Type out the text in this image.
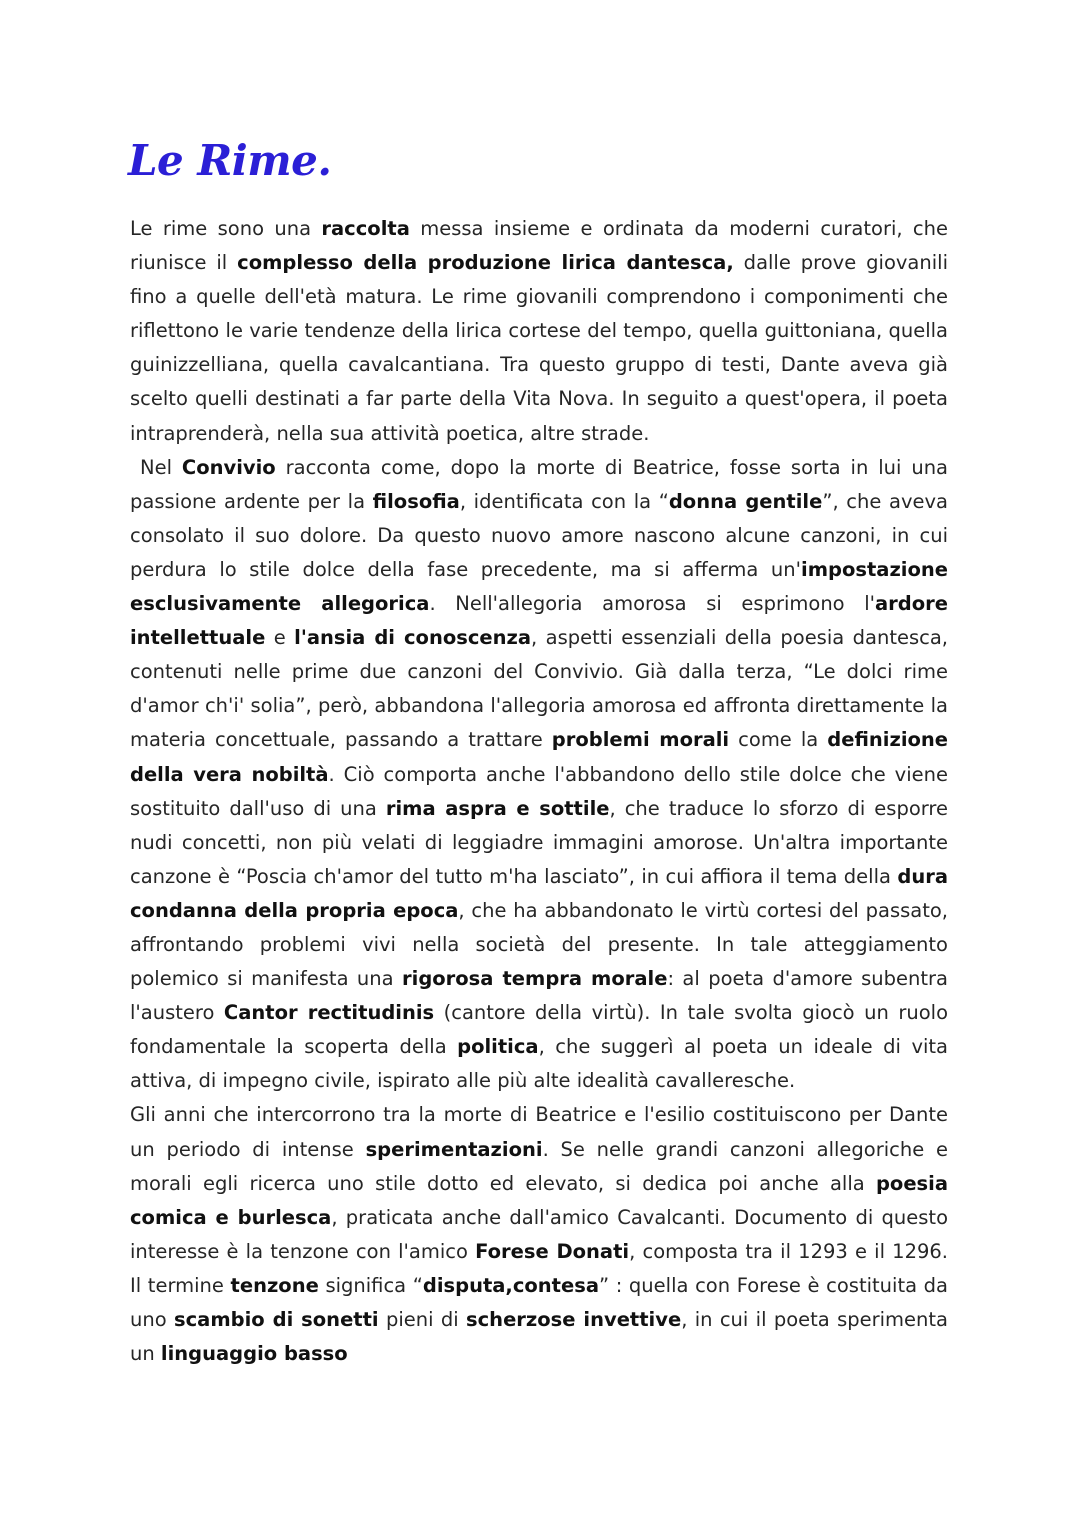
Le Rime.

Le rime sono una raccolta messa insieme e ordinata da moderni curatori, che riunisce il complesso della produzione lirica dantesca, dalle prove giovanili fino a quelle dell'età matura. Le rime giovanili comprendono i componimenti che riflettono le varie tendenze della lirica cortese del tempo, quella guittoniana, quella guinizzelliana, quella cavalcantiana. Tra questo gruppo di testi, Dante aveva già scelto quelli destinati a far parte della Vita Nova. In seguito a quest'opera, il poeta intraprenderà, nella sua attività poetica, altre strade.

Nel Convivio racconta come, dopo la morte di Beatrice, fosse sorta in lui una passione ardente per la filosofia, identificata con la “donna gentile”, che aveva consolato il suo dolore. Da questo nuovo amore nascono alcune canzoni, in cui perdura lo stile dolce della fase precedente, ma si afferma un'impostazione esclusivamente allegorica. Nell'allegoria amorosa si esprimono l'ardore intellettuale e l'ansia di conoscenza, aspetti essenziali della poesia dantesca, contenuti nelle prime due canzoni del Convivio. Già dalla terza, “Le dolci rime d'amor ch'i' solia”, però, abbandona l'allegoria amorosa ed affronta direttamente la materia concettuale, passando a trattare problemi morali come la definizione della vera nobiltà. Ciò comporta anche l'abbandono dello stile dolce che viene sostituito dall'uso di una rima aspra e sottile, che traduce lo sforzo di esporre nudi concetti, non più velati di leggiadre immagini amorose. Un'altra importante canzone è “Poscia ch'amor del tutto m'ha lasciato”, in cui affiora il tema della dura condanna della propria epoca, che ha abbandonato le virtù cortesi del passato, affrontando problemi vivi nella società del presente. In tale atteggiamento polemico si manifesta una rigorosa tempra morale: al poeta d'amore subentra l'austero Cantor rectitudinis (cantore della virtù). In tale svolta giocò un ruolo fondamentale la scoperta della politica, che suggerì al poeta un ideale di vita attiva, di impegno civile, ispirato alle più alte idealità cavalleresche.

Gli anni che intercorrono tra la morte di Beatrice e l'esilio costituiscono per Dante un periodo di intense sperimentazioni. Se nelle grandi canzoni allegoriche e morali egli ricerca uno stile dotto ed elevato, si dedica poi anche alla poesia comica e burlesca, praticata anche dall'amico Cavalcanti. Documento di questo interesse è la tenzone con l'amico Forese Donati, composta tra il 1293 e il 1296. Il termine tenzone significa “disputa,contesa” : quella con Forese è costituita da uno scambio di sonetti pieni di scherzose invettive, in cui il poeta sperimenta un linguaggio basso
